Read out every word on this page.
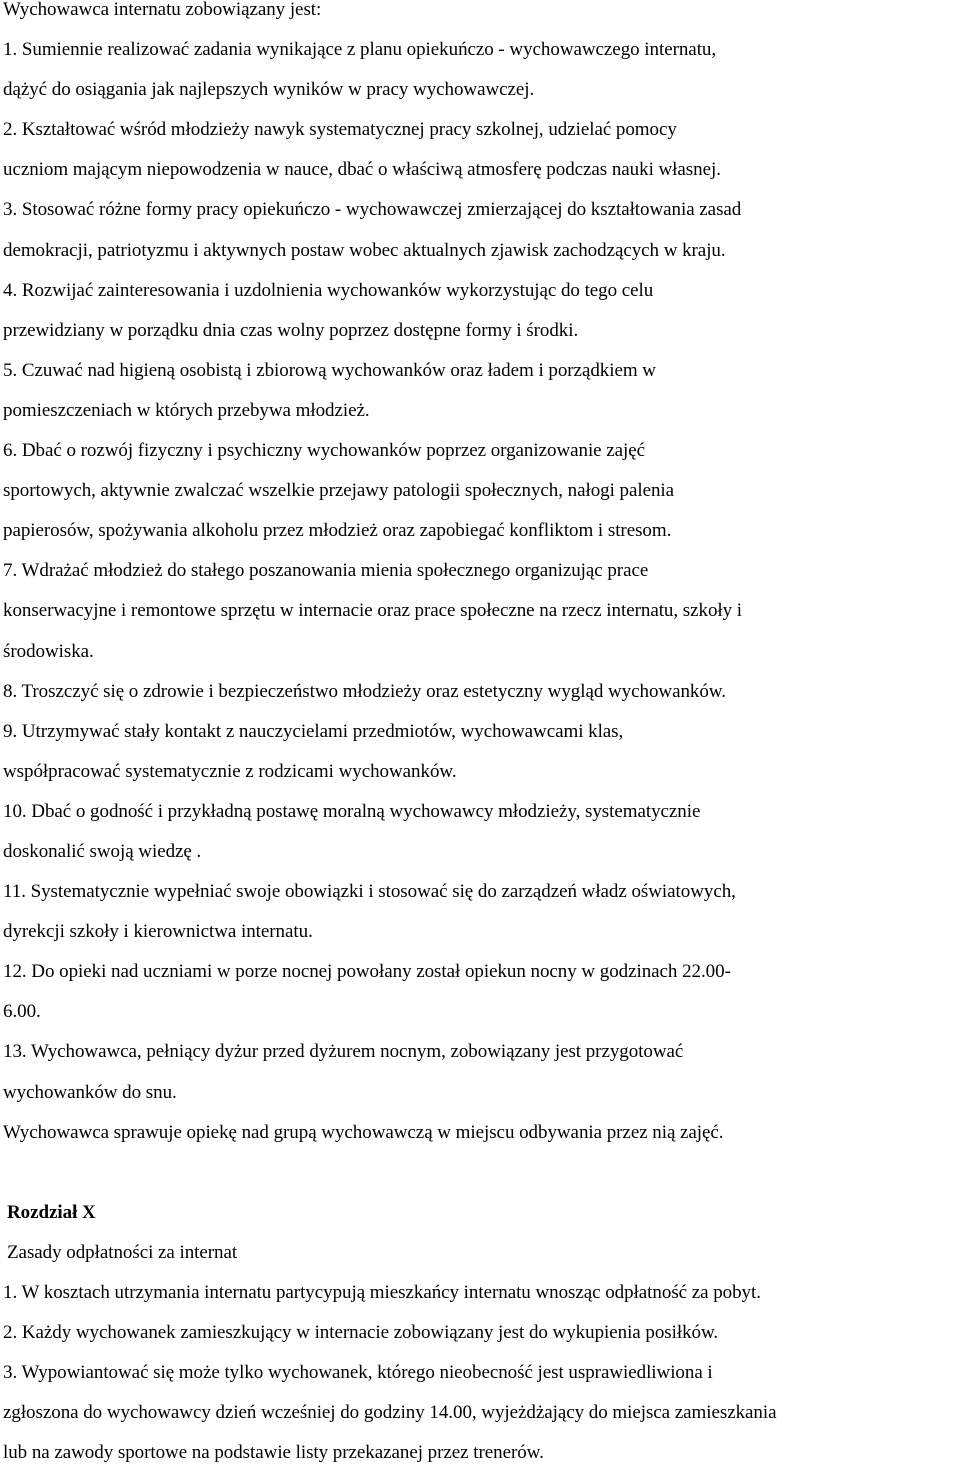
Wychowawca internatu zobowiązany jest:
1. Sumiennie realizować zadania wynikające z planu opiekuńczo - wychowawczego internatu,
dążyć do osiągania jak najlepszych wyników w pracy wychowawczej.
2. Kształtować wśród młodzieży nawyk systematycznej pracy szkolnej, udzielać pomocy
uczniom mającym niepowodzenia w nauce, dbać o właściwą atmosferę podczas nauki własnej.
3. Stosować różne formy pracy opiekuńczo - wychowawczej zmierzającej do kształtowania zasad
demokracji, patriotyzmu i aktywnych postaw wobec aktualnych zjawisk zachodzących w kraju.
4. Rozwijać zainteresowania i uzdolnienia wychowanków wykorzystując do tego celu
przewidziany w porządku dnia czas wolny poprzez dostępne formy i środki.
5. Czuwać nad higieną osobistą i zbiorową wychowanków oraz ładem i porządkiem w
pomieszczeniach w których przebywa młodzież.
6. Dbać o rozwój fizyczny i psychiczny wychowanków poprzez organizowanie zajęć
sportowych, aktywnie zwalczać wszelkie przejawy patologii społecznych, nałogi palenia
papierosów, spożywania alkoholu przez młodzież oraz zapobiegać konfliktom i stresom.
7. Wdrażać młodzież do stałego poszanowania mienia społecznego organizując prace
konserwacyjne i remontowe sprzętu w internacie oraz prace społeczne na rzecz internatu, szkoły i
środowiska.
8. Troszczyć się o zdrowie i bezpieczeństwo młodzieży oraz estetyczny wygląd wychowanków.
9. Utrzymywać stały kontakt z nauczycielami przedmiotów, wychowawcami klas,
współpracować systematycznie z rodzicami wychowanków.
10. Dbać o godność i przykładną postawę moralną wychowawcy młodzieży, systematycznie
doskonalić swoją wiedzę .
11. Systematycznie wypełniać swoje obowiązki i stosować się do zarządzeń władz oświatowych,
dyrekcji szkoły i kierownictwa internatu.
12. Do opieki nad uczniami w porze nocnej powołany został opiekun nocny w godzinach 22.00-
6.00.
13. Wychowawca, pełniący dyżur przed dyżurem nocnym, zobowiązany jest przygotować
wychowanków do snu.
Wychowawca sprawuje opiekę nad grupą wychowawczą w miejscu odbywania przez nią zajęć.
Rozdział X
Zasady odpłatności za internat
1. W kosztach utrzymania internatu partycypują mieszkańcy internatu wnosząc odpłatność za pobyt.
2. Każdy wychowanek zamieszkujący w internacie zobowiązany jest do wykupienia posiłków.
3. Wypowiantować się może tylko wychowanek, którego nieobecność jest usprawiedliwiona i
zgłoszona do wychowawcy dzień wcześniej do godziny 14.00, wyjeżdżający do miejsca zamieszkania
lub na zawody sportowe na podstawie listy przekazanej przez trenerów.
